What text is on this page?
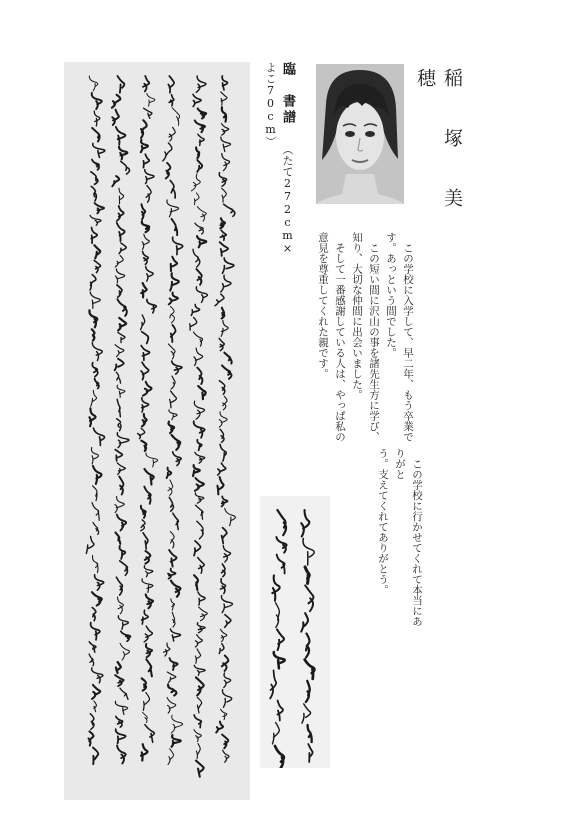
臨　書譜 （たて272cm×よこ70cm）	稲　塚　美　穂
　この学校に入学して、早二年、もう卒業で
す。あっという間でした。
　この短い間に沢山の事を諸先生方に学び、
知り、大切な仲間に出会いました。
　そして一番感謝している人は、やっぱ私の
意見を尊重してくれた親です。
　この学校に行かせてくれて本当にありがと
う。支えてくれてありがとう。
